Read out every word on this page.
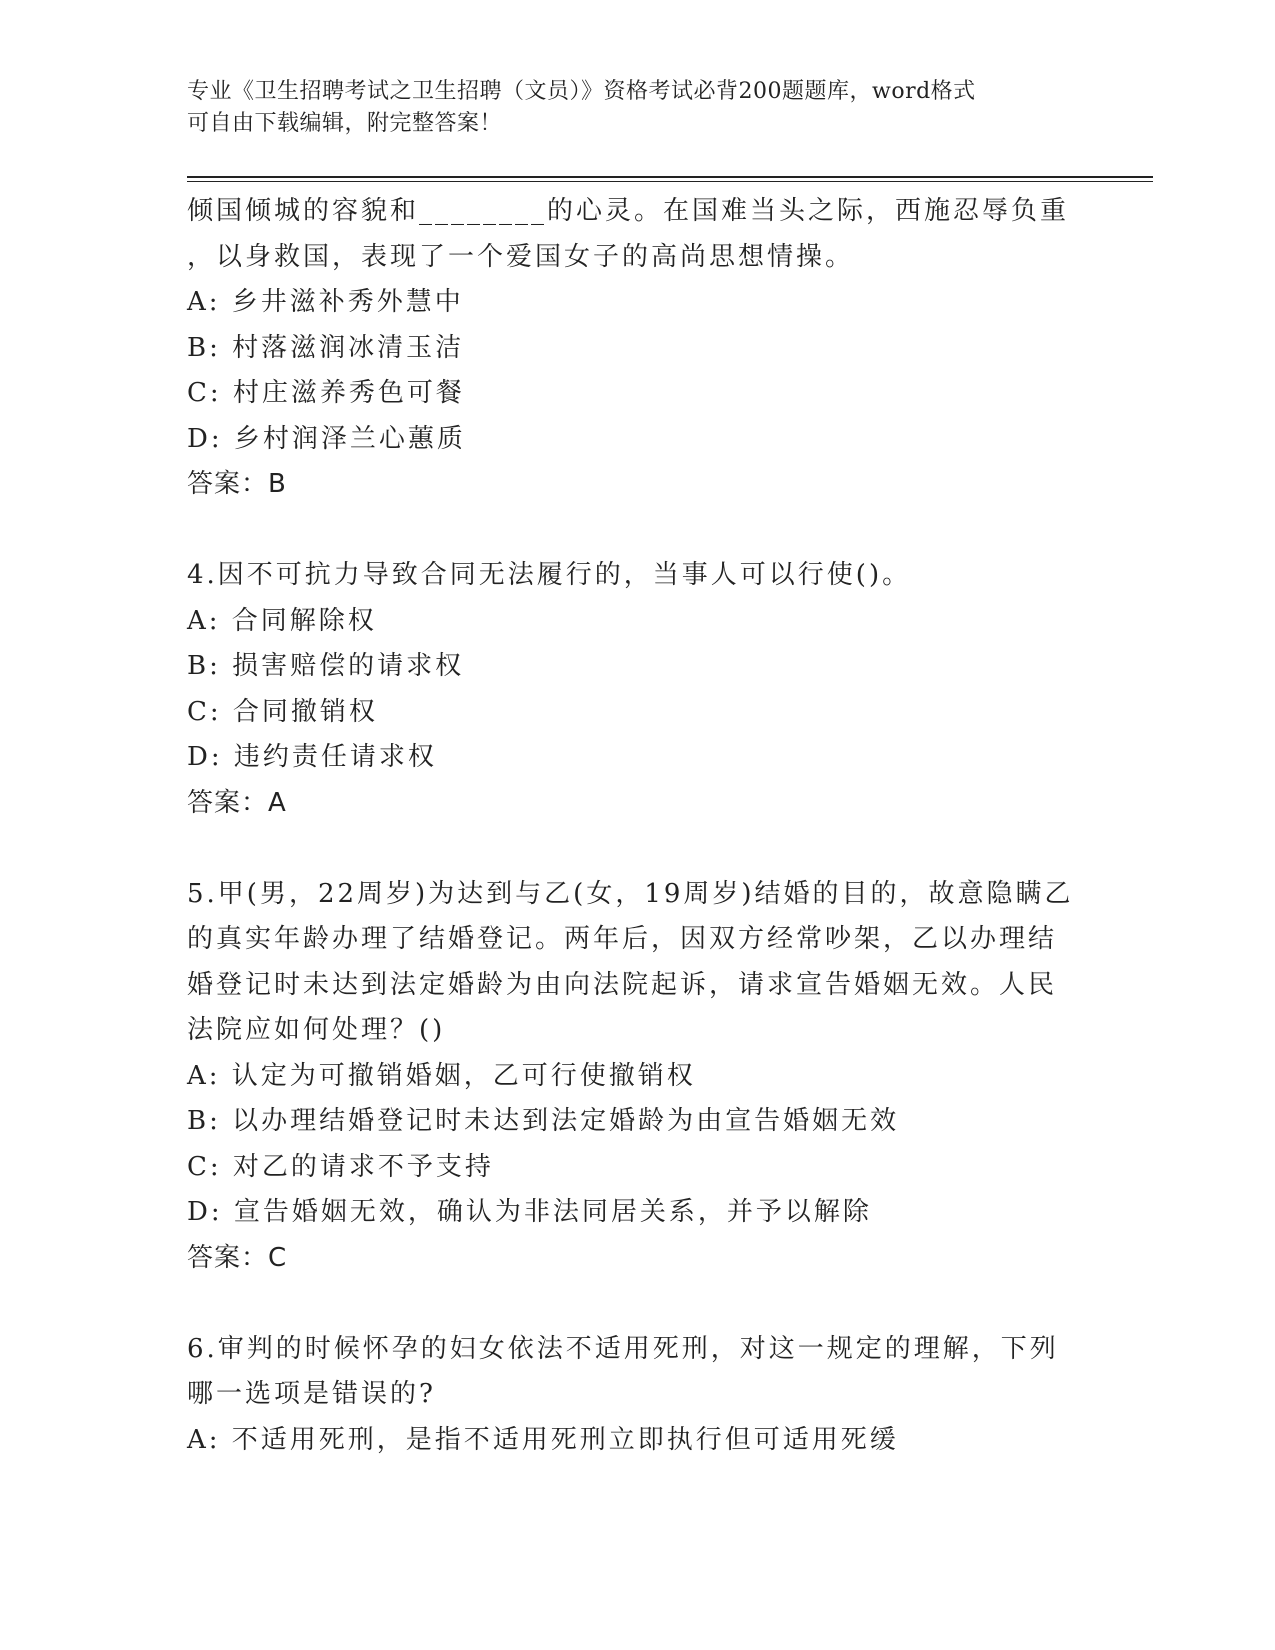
专业《卫生招聘考试之卫生招聘（文员）》资格考试必背200题题库，word格式
可自由下载编辑，附完整答案！
倾国倾城的容貌和________的心灵。在国难当头之际，西施忍辱负重
，以身救国，表现了一个爱国女子的高尚思想情操。
A: 乡井滋补秀外慧中
B: 村落滋润冰清玉洁
C: 村庄滋养秀色可餐
D: 乡村润泽兰心蕙质
答案：B
4.因不可抗力导致合同无法履行的，当事人可以行使()。
A: 合同解除权
B: 损害赔偿的请求权
C: 合同撤销权
D: 违约责任请求权
答案：A
5.甲(男，22周岁)为达到与乙(女，19周岁)结婚的目的，故意隐瞒乙
的真实年龄办理了结婚登记。两年后，因双方经常吵架，乙以办理结
婚登记时未达到法定婚龄为由向法院起诉，请求宣告婚姻无效。人民
法院应如何处理？()
A: 认定为可撤销婚姻，乙可行使撤销权
B: 以办理结婚登记时未达到法定婚龄为由宣告婚姻无效
C: 对乙的请求不予支持
D: 宣告婚姻无效，确认为非法同居关系，并予以解除
答案：C
6.审判的时候怀孕的妇女依法不适用死刑，对这一规定的理解，下列
哪一选项是错误的?
A: 不适用死刑，是指不适用死刑立即执行但可适用死缓
